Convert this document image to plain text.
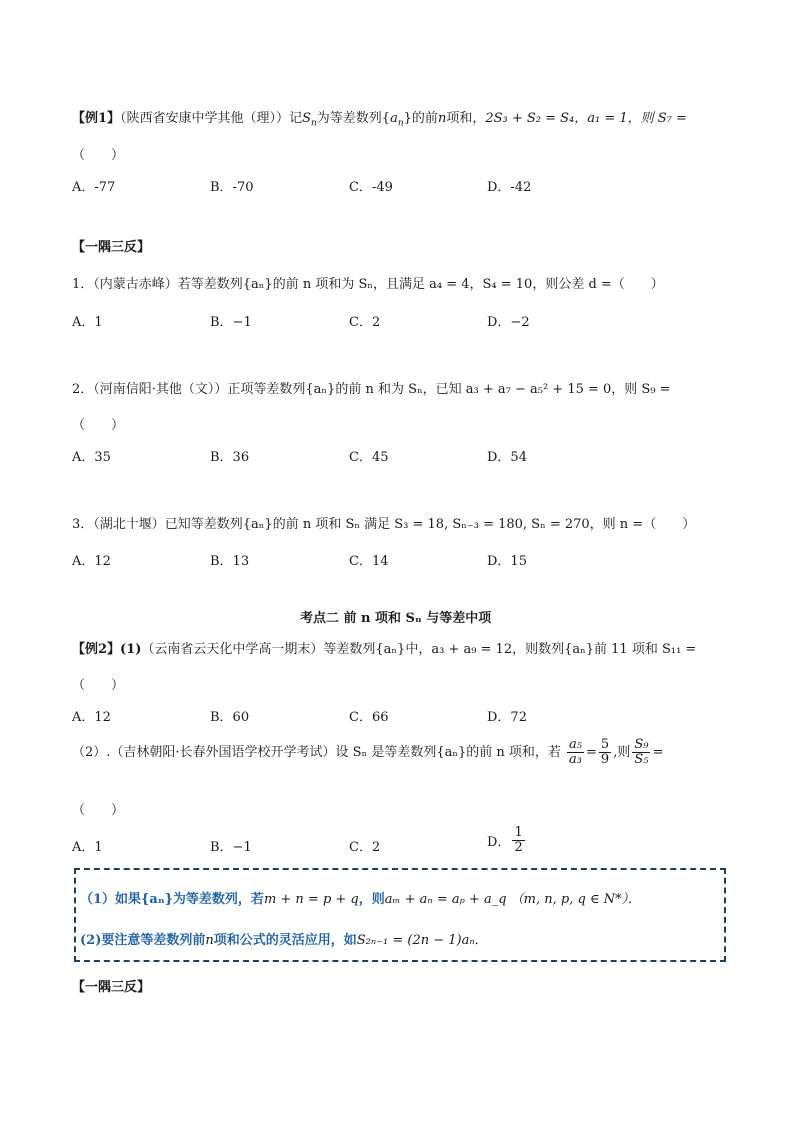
【例1】（陕西省安康中学其他（理））记$S_n$为等差数列$\{a_n\}$的前n项和，2S₃ + S₂ = S₄，a₁ = 1，则 S₇ =
（　　）
A．-77	B．-70	C．-49	D．-42
【一隅三反】
1．（内蒙古赤峰）若等差数列{aₙ}的前 n 项和为 Sₙ，且满足 a₄ = 4，S₄ = 10，则公差 d =（　　）
A．1	B．−1	C．2	D．−2
2．（河南信阳·其他（文））正项等差数列{aₙ}的前 n 和为 Sₙ，已知 a₃ + a₇ − a₅² + 15 = 0，则 S₉ =
（　　）
A．35	B．36	C．45	D．54
3．（湖北十堰）已知等差数列{aₙ}的前 n 项和 Sₙ 满足 S₃ = 18, Sₙ₋₃ = 180, Sₙ = 270，则 n =（　　）
A．12	B．13	C．14	D．15
考点二 前 n 项和 Sₙ 与等差中项
【例2】(1)（云南省云天化中学高一期末）等差数列{aₙ}中，a₃ + a₉ = 12，则数列{aₙ}前 11 项和 S₁₁ =
（　　）
A．12	B．60	C．66	D．72
（2）.（吉林朝阳·长春外国语学校开学考试）设 Sₙ 是等差数列{aₙ}的前 n 项和，若 $\frac{\text{a₅}}{\text{a₃}} = \frac{5}{9}$ ,则 $\frac{\text{S₉}}{\text{S₅}}$ =
（　　）
A．1	B．−1	C．2	D． $\frac{1}{2}$
（1）如果{aₙ}为等差数列，若m + n = p + q，则aₘ + aₙ = aₚ + a_q （m, n, p, q ∈ N*）．
(2)要注意等差数列前n项和公式的灵活应用，如S₂ₙ₋₁ = (2n − 1)aₙ．
【一隅三反】
